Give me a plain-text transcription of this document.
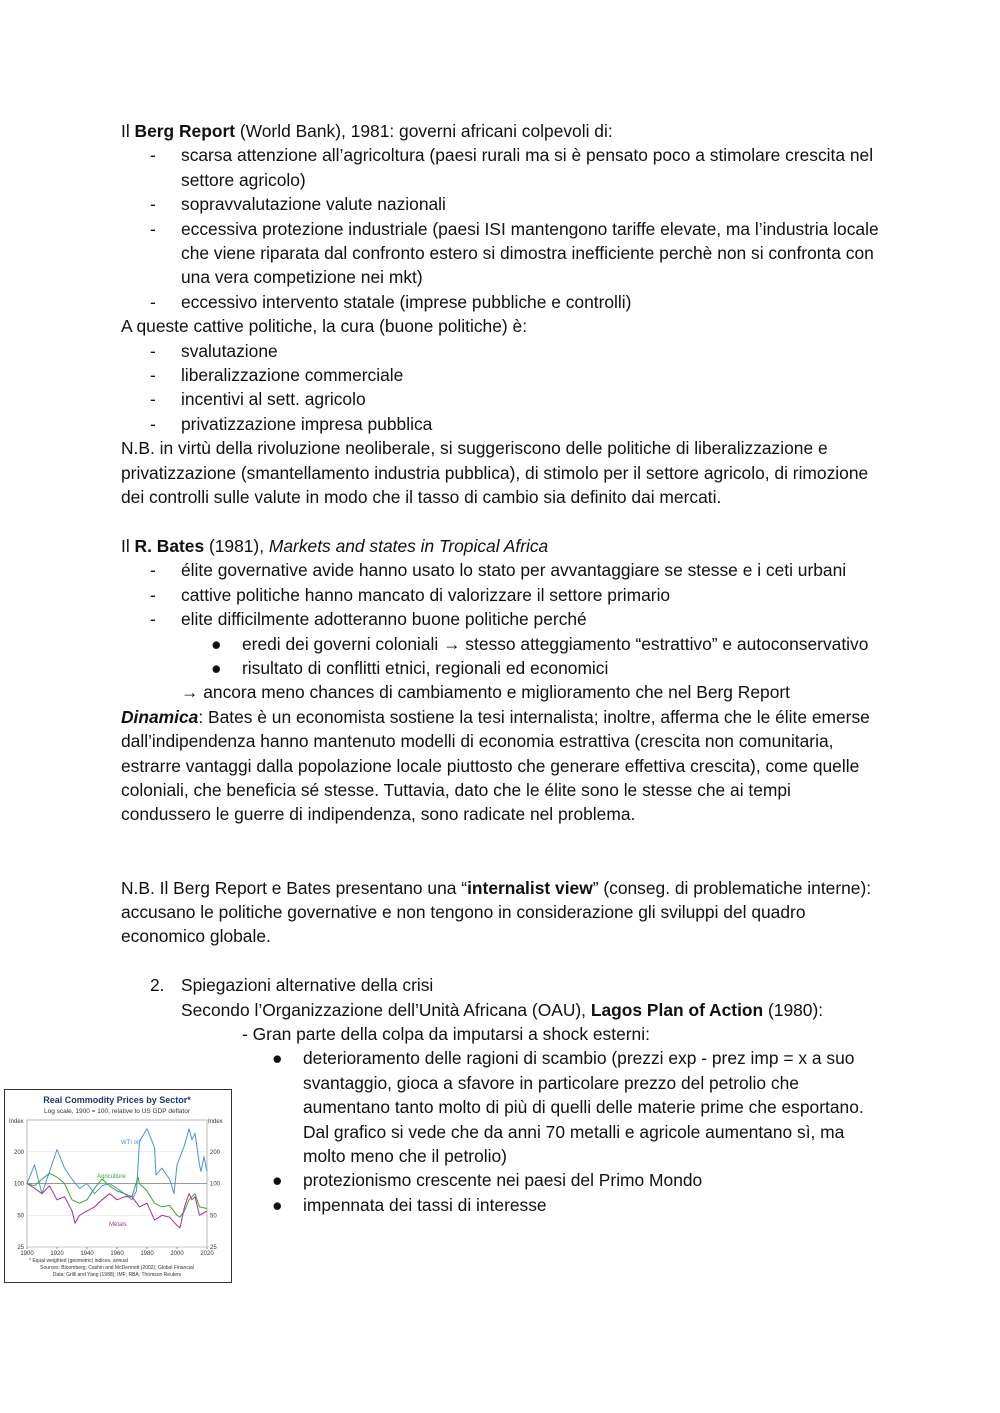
Il Berg Report (World Bank), 1981: governi africani colpevoli di:

- scarsa attenzione all’agricoltura (paesi rurali ma si è pensato poco a stimolare crescita nel settore agricolo)
- sopravvalutazione valute nazionali
- eccessiva protezione industriale (paesi ISI mantengono tariffe elevate, ma l’industria locale che viene riparata dal confronto estero si dimostra inefficiente perchè non si confronta con una vera competizione nei mkt)
- eccessivo intervento statale (imprese pubbliche e controlli)

A queste cattive politiche, la cura (buone politiche) è:

- svalutazione
- liberalizzazione commerciale
- incentivi al sett. agricolo
- privatizzazione impresa pubblica

N.B. in virtù della rivoluzione neoliberale, si suggeriscono delle politiche di liberalizzazione e privatizzazione (smantellamento industria pubblica), di stimolo per il settore agricolo, di rimozione dei controlli sulle valute in modo che il tasso di cambio sia definito dai mercati.

Il R. Bates (1981), Markets and states in Tropical Africa

- élite governative avide hanno usato lo stato per avvantaggiare se stesse e i ceti urbani
- cattive politiche hanno mancato di valorizzare il settore primario
- elite difficilmente adotteranno buone politiche perché
● eredi dei governi coloniali → stesso atteggiamento “estrattivo” e autoconservativo
● risultato di conflitti etnici, regionali ed economici

→ ancora meno chances di cambiamento e miglioramento che nel Berg Report

Dinamica: Bates è un economista sostiene la tesi internalista; inoltre, afferma che le élite emerse dall’indipendenza hanno mantenuto modelli di economia estrattiva (crescita non comunitaria, estrarre vantaggi dalla popolazione locale piuttosto che generare effettiva crescita), come quelle coloniali, che beneficia sé stesse. Tuttavia, dato che le élite sono le stesse che ai tempi condussero le guerre di indipendenza, sono radicate nel problema.

N.B. Il Berg Report e Bates presentano una “internalist view” (conseg. di problematiche interne): accusano le politiche governative e non tengono in considerazione gli sviluppi del quadro economico globale.

2. Spiegazioni alternative della crisi

Secondo l’Organizzazione dell’Unità Africana (OAU), Lagos Plan of Action (1980):

- Gran parte della colpa da imputarsi a shock esterni:

● deterioramento delle ragioni di scambio (prezzi exp - prez imp = x a suo svantaggio, gioca a sfavore in particolare prezzo del petrolio che aumentano tanto molto di più di quelli delle materie prime che esportano. Dal grafico si vede che da anni 70 metalli e agricole aumentano sì, ma molto meno che il petrolio)
● protezionismo crescente nei paesi del Primo Mondo
● impennata dei tassi di interesse
Real Commodity Prices by Sector*
Log scale, 1900 = 100, relative to US GDP deflator
Index	Index
25	25
50	50
100	100
200	200
1900	1920	1940	1960	1980	2000	2020
WTI oil
Agriculture
Metals
* Equal weighted (geometric) indices, annual
Sources: Bloomberg; Cashin and McDermott (2002); Global Financial
Data; Grilli and Yang (1988); IMF; RBA; Thomson Reuters
